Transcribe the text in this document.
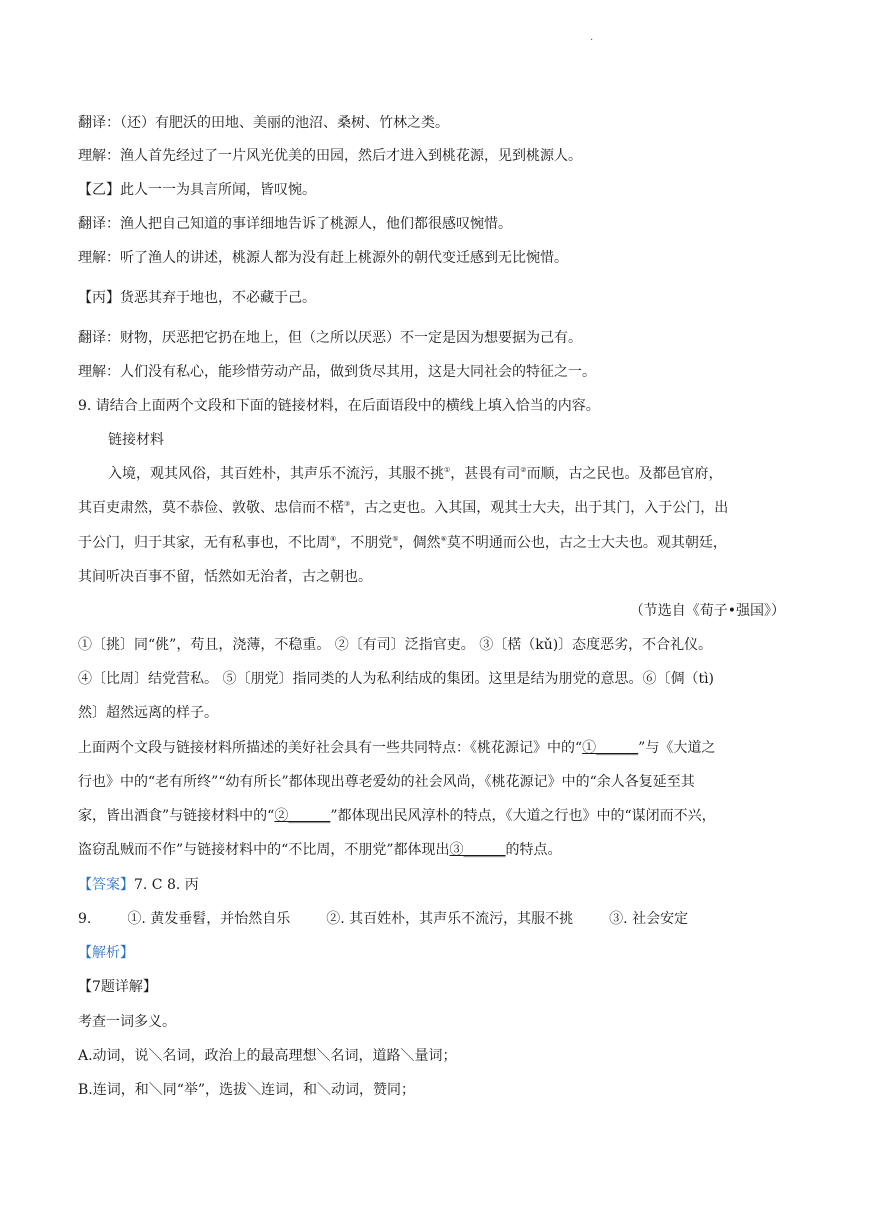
.
翻译：（还）有肥沃的田地、美丽的池沼、桑树、竹林之类。
理解：渔人首先经过了一片风光优美的田园，然后才进入到桃花源，见到桃源人。
【乙】此人一一为具言所闻，皆叹惋。
翻译：渔人把自己知道的事详细地告诉了桃源人，他们都很感叹惋惜。
理解：听了渔人的讲述，桃源人都为没有赶上桃源外的朝代变迁感到无比惋惜。
【丙】货恶其弃于地也，不必藏于己。
翻译：财物，厌恶把它扔在地上，但（之所以厌恶）不一定是因为想要据为己有。
理解：人们没有私心，能珍惜劳动产品，做到货尽其用，这是大同社会的特征之一。
9. 请结合上面两个文段和下面的链接材料，在后面语段中的横线上填入恰当的内容。
链接材料
入境，观其风俗，其百姓朴，其声乐不流污，其服不挑①，甚畏有司②而顺，古之民也。及都邑官府，
其百吏肃然，莫不恭俭、敦敬、忠信而不楛③，古之吏也。入其国，观其士大夫，出于其门，入于公门，出
于公门，归于其家，无有私事也，不比周④，不朋党⑤，倜然⑥莫不明通而公也，古之士大夫也。观其朝廷，
其间听决百事不留，恬然如无治者，古之朝也。
（节选自《荀子•强国》）
①〔挑〕同“佻”，苟且，浇薄，不稳重。 ②〔有司〕泛指官吏。 ③〔楛（kǔ)〕态度恶劣，不合礼仪。
④〔比周〕结党营私。 ⑤〔朋党〕指同类的人为私利结成的集团。这里是结为朋党的意思。⑥〔倜（tì)
然〕超然远离的样子。
上面两个文段与链接材料所描述的美好社会具有一些共同特点：《桃花源记》中的“①______”与《大道之
行也》中的“老有所终”“幼有所长”都体现出尊老爱幼的社会风尚，《桃花源记》中的“余人各复延至其
家，皆出酒食”与链接材料中的“②______”都体现出民风淳朴的特点，《大道之行也》中的“谋闭而不兴，
盗窃乱贼而不作”与链接材料中的“不比周，不朋党”都体现出③______的特点。
【答案】7. C 8. 丙
9.	①. 黄发垂髫，并怡然自乐	②. 其百姓朴，其声乐不流污，其服不挑	③. 社会安定
【解析】
【7题详解】
考查一词多义。
A.动词，说＼名词，政治上的最高理想＼名词，道路＼量词；
B.连词，和＼同“举”，选拔＼连词，和＼动词，赞同；
